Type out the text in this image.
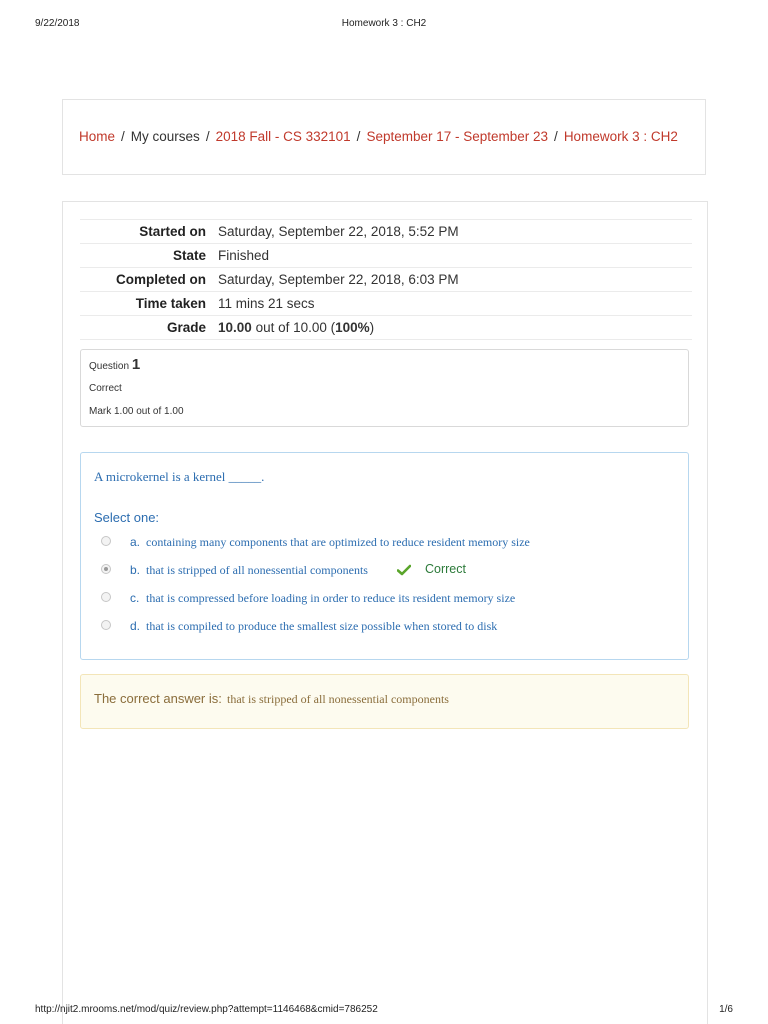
9/22/2018	Homework 3 : CH2
Home / My courses / 2018 Fall - CS 332101 / September 17 - September 23 / Homework 3 : CH2
Started on	Saturday, September 22, 2018, 5:52 PM
State	Finished
Completed on	Saturday, September 22, 2018, 6:03 PM
Time taken	11 mins 21 secs
Grade	10.00 out of 10.00 (100%)
Question 1
Correct
Mark 1.00 out of 1.00
A microkernel is a kernel _____.
Select one:
a. containing many components that are optimized to reduce resident memory size
b. that is stripped of all nonessential components	Correct
c. that is compressed before loading in order to reduce its resident memory size
d. that is compiled to produce the smallest size possible when stored to disk
The correct answer is: that is stripped of all nonessential components
http://njit2.mrooms.net/mod/quiz/review.php?attempt=1146468&cmid=786252	1/6
